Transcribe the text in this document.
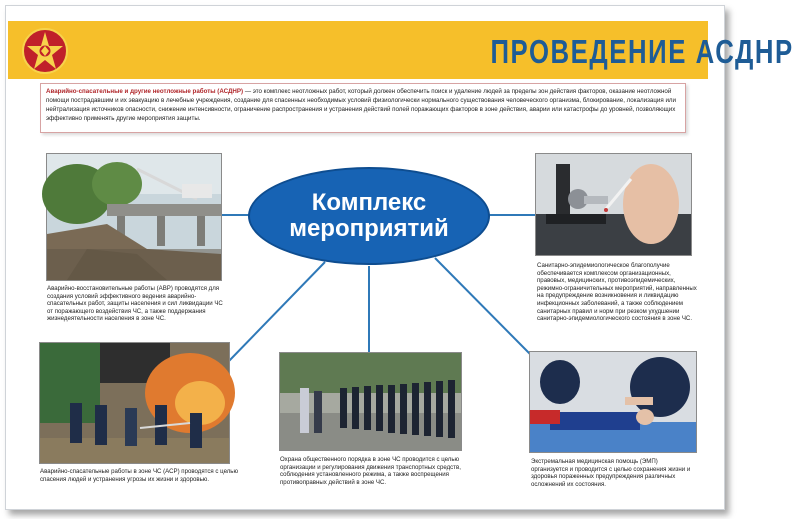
ПРОВЕДЕНИЕ АСДНР
Аварийно-спасательные и другие неотложные работы (АСДНР) — это комплекс неотложных работ, который должен обеспечить поиск и удаление людей за пределы зон действия факторов, оказание неотложной помощи пострадавшим и их эвакуацию в лечебные учреждения, создание для спасенных необходимых условий физиологически нормального существования человеческого организма, блокирование, локализация или нейтрализация источников опасности, снижение интенсивности, ограничение распространения и устранения действий полей поражающих факторов в зоне действия, аварии или катастрофы до уровней, позволяющих эффективно применять другие мероприятия защиты.
Комплекс
мероприятий
Аварийно-восстановительные работы (АВР) проводятся для создания условий эффективного ведения аварийно-спасательных работ, защиты населения и сил ликвидации ЧС от поражающего воздействия ЧС, а также поддержания жизнедеятельности населения в зоне ЧС.
Санитарно-эпидемиологическое благополучие обеспечивается комплексом организационных, правовых, медицинских, противоэпидемических, режимно-ограничительных мероприятий, направленных на предупреждение возникновения и ликвидацию инфекционных заболеваний, а также соблюдением санитарных правил и норм при резком ухудшении санитарно-эпидемиологического состояния в зоне ЧС.
Аварийно-спасательные работы в зоне ЧС (АСР) проводятся с целью спасения людей и устранения угрозы их жизни и здоровью.
Охрана общественного порядка в зоне ЧС проводится с целью организации и регулирования движения транспортных средств, соблюдения установленного режима, а также воспрещения противоправных действий в зоне ЧС.
Экстремальная медицинская помощь (ЭМП) организуется и проводится с целью сохранения жизни и здоровья пораженных предупреждения различных осложнений их состояния.
